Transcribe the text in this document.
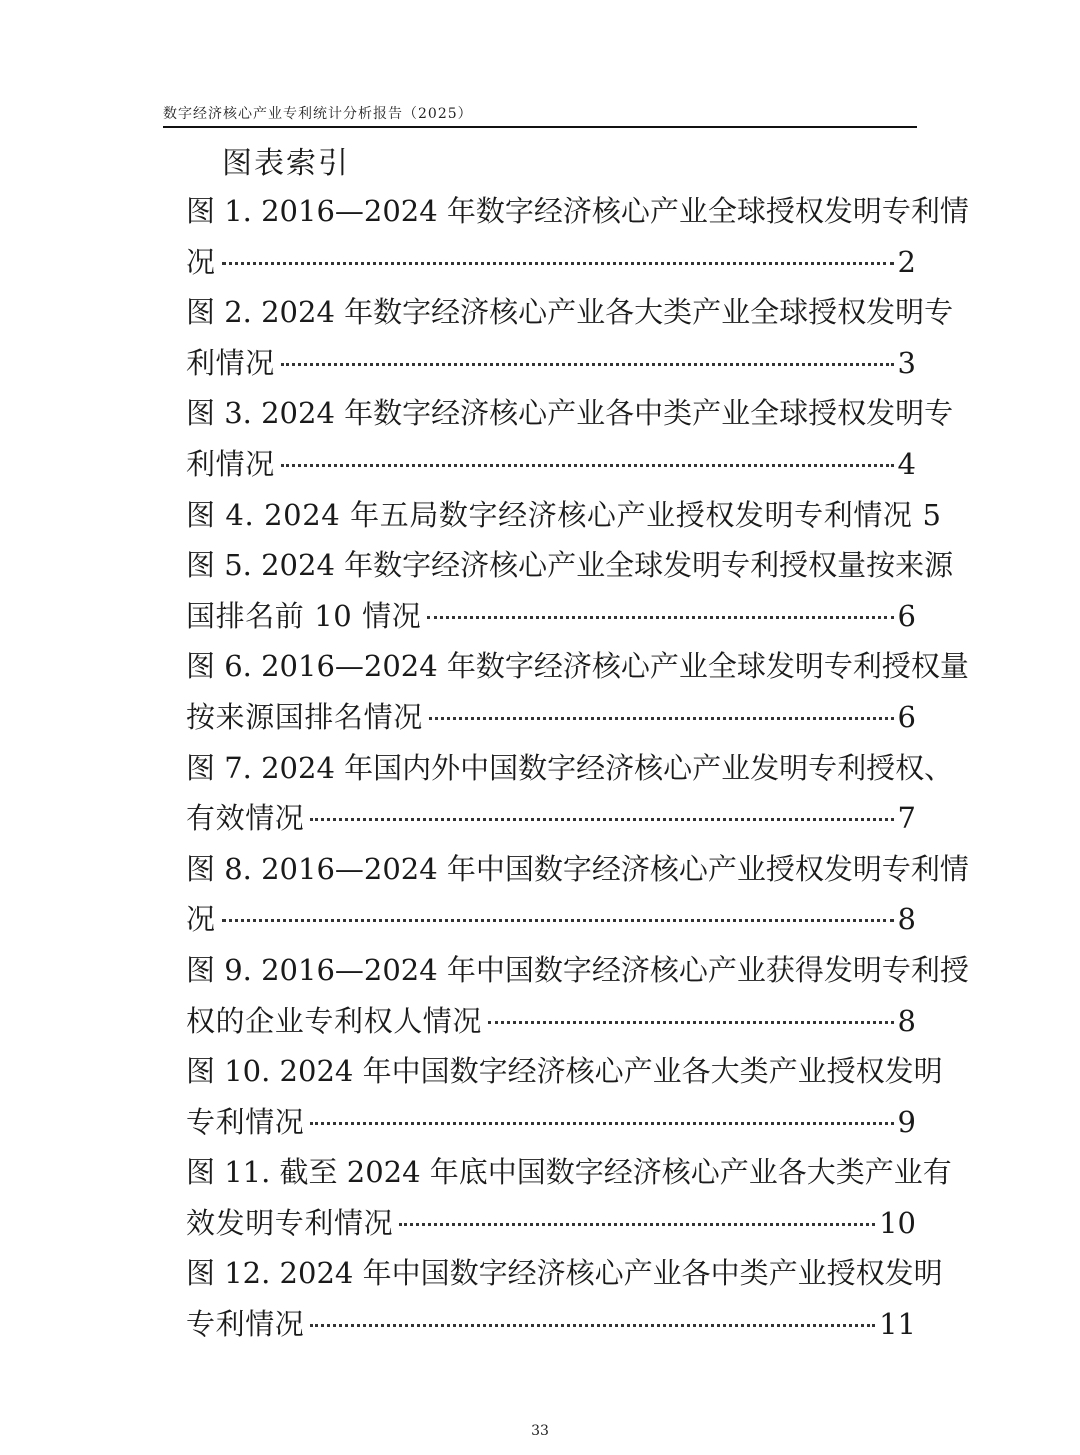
数字经济核心产业专利统计分析报告（2025）
图表索引
图 1. 2016—2024 年数字经济核心产业全球授权发明专利情
况	2
图 2. 2024 年数字经济核心产业各大类产业全球授权发明专
利情况	3
图 3. 2024 年数字经济核心产业各中类产业全球授权发明专
利情况	4
图 4. 2024 年五局数字经济核心产业授权发明专利情况 5
图 5. 2024 年数字经济核心产业全球发明专利授权量按来源
国排名前 10 情况	6
图 6. 2016—2024 年数字经济核心产业全球发明专利授权量
按来源国排名情况	6
图 7. 2024 年国内外中国数字经济核心产业发明专利授权、
有效情况	7
图 8. 2016—2024 年中国数字经济核心产业授权发明专利情
况	8
图 9. 2016—2024 年中国数字经济核心产业获得发明专利授
权的企业专利权人情况	8
图 10. 2024 年中国数字经济核心产业各大类产业授权发明
专利情况	9
图 11. 截至 2024 年底中国数字经济核心产业各大类产业有
效发明专利情况	10
图 12. 2024 年中国数字经济核心产业各中类产业授权发明
专利情况	11
33
